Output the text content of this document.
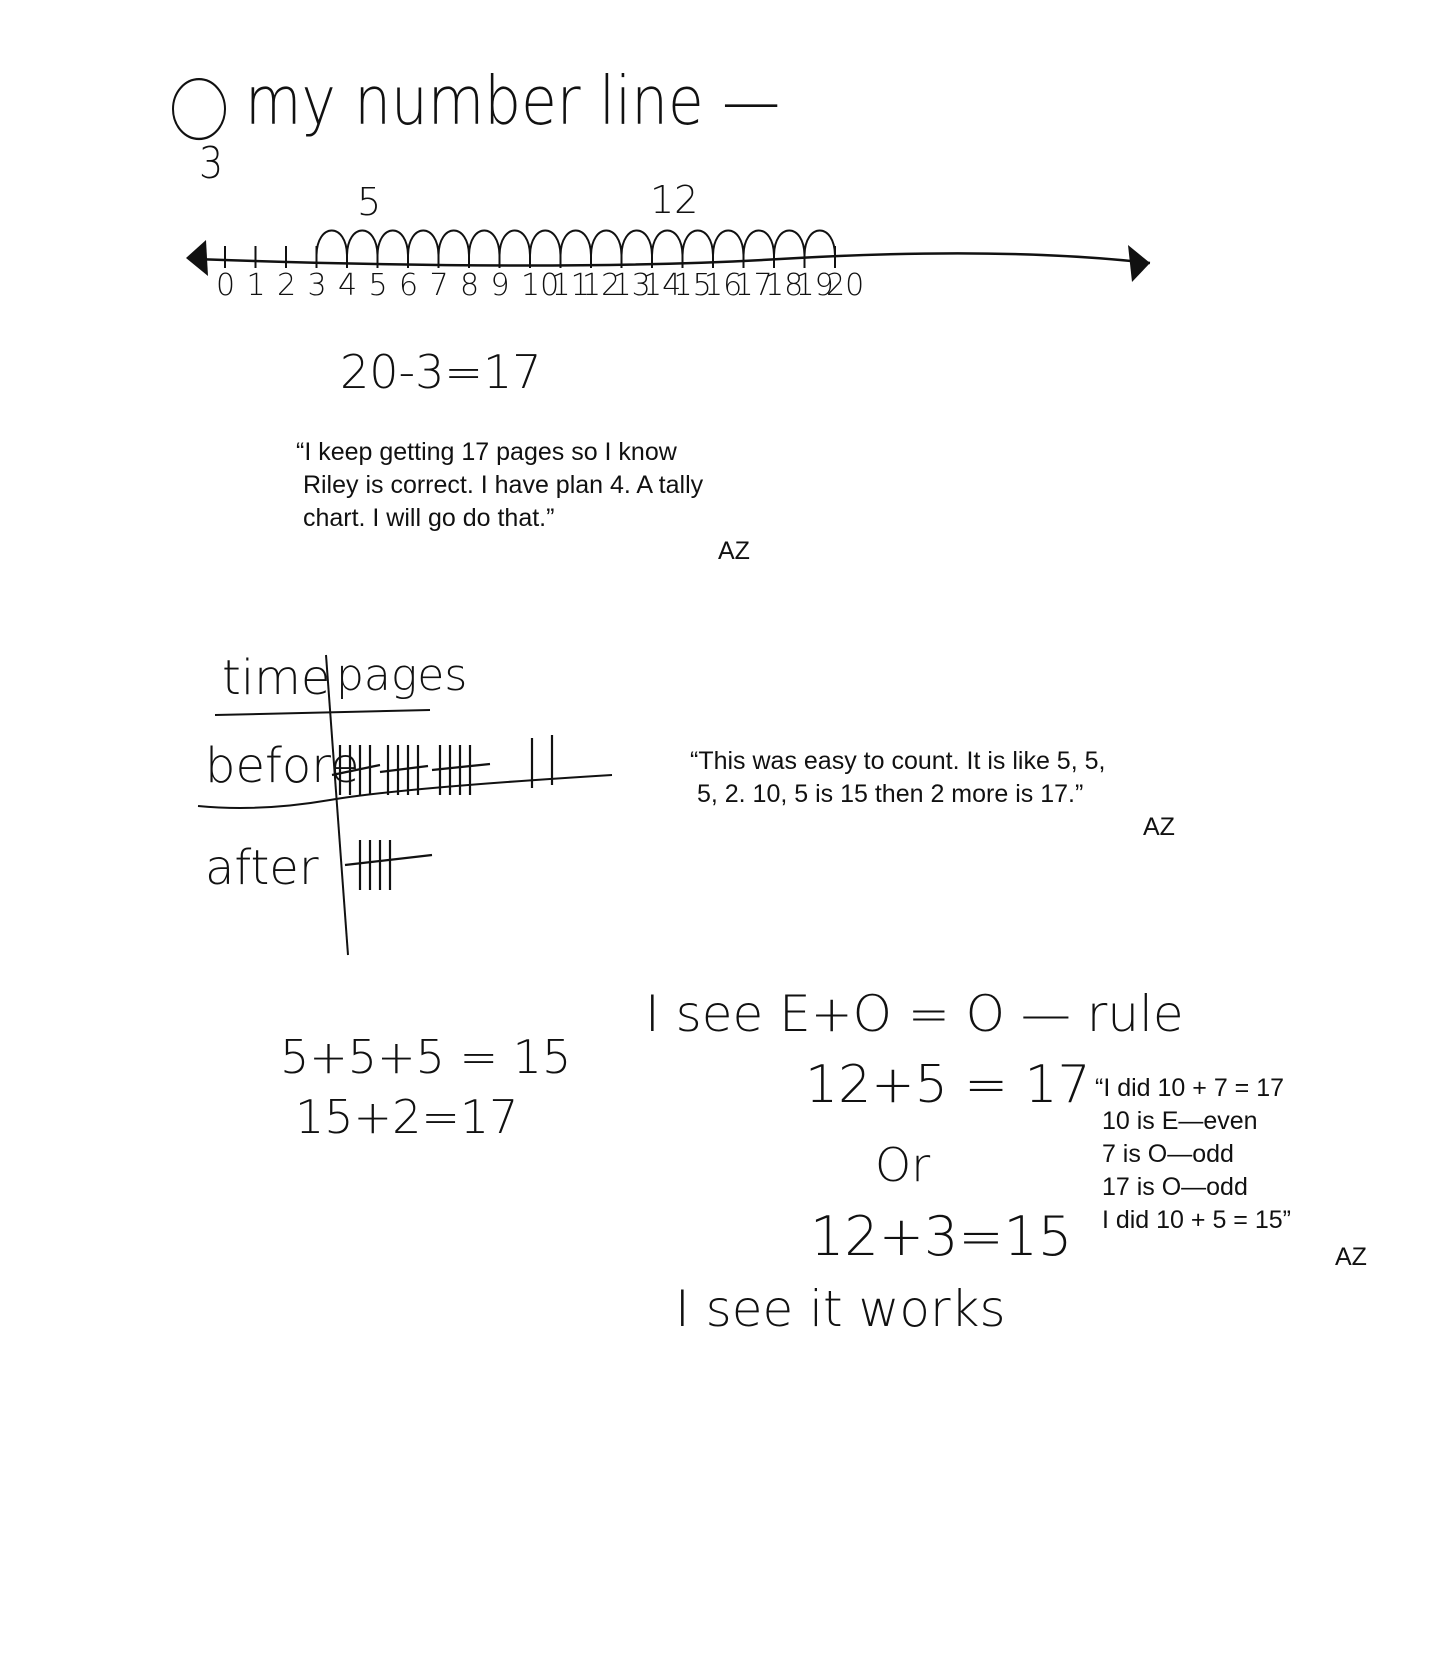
3

my number line —
0 1 2 3 4 5 6 7 8 9 10
11
12
13
14
15
16
17
18
19
20
5	12
20-3=17
“I keep getting 17 pages so I know
Riley is correct. I have plan 4. A tally
chart. I will go do that.”
AZ
time pages
before
after
“This was easy to count. It is like 5, 5,
5, 2. 10, 5 is 15 then 2 more is 17.”
AZ
5+5+5 = 15
15+2=17
I see E+O = O — rule
12+5 = 17
Or
12+3=15
I see it works
“I did 10 + 7 = 17
10 is E—even
7 is O—odd
17 is O—odd
I did 10 + 5 = 15”
AZ
